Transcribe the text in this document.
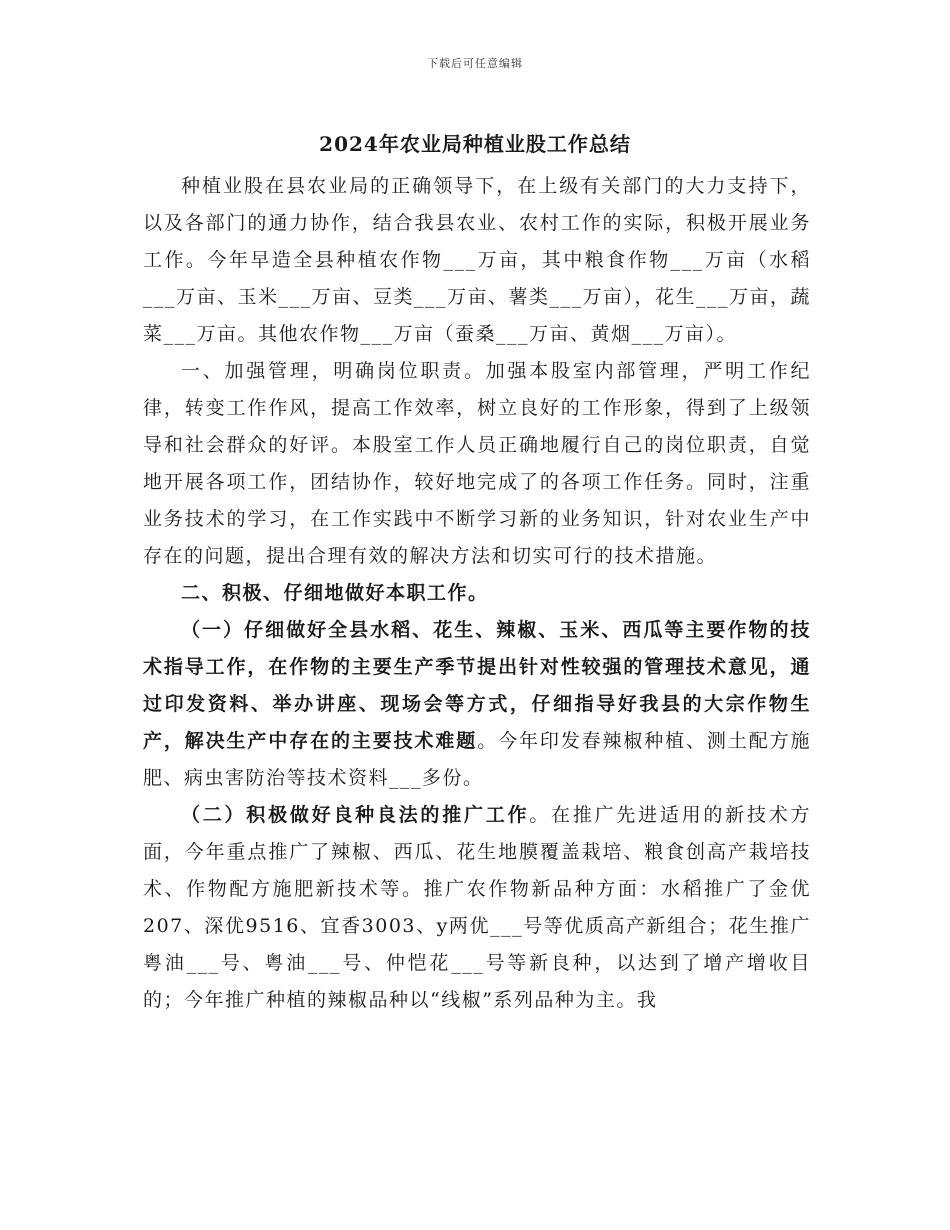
下载后可任意编辑
2024年农业局种植业股工作总结

种植业股在县农业局的正确领导下，在上级有关部门的大力支持下，以及各部门的通力协作，结合我县农业、农村工作的实际，积极开展业务工作。今年早造全县种植农作物___万亩，其中粮食作物___万亩（水稻___万亩、玉米___万亩、豆类___万亩、薯类___万亩），花生___万亩，蔬菜___万亩。其他农作物___万亩（蚕桑___万亩、黄烟___万亩）。

一、加强管理，明确岗位职责。加强本股室内部管理，严明工作纪律，转变工作作风，提高工作效率，树立良好的工作形象，得到了上级领导和社会群众的好评。本股室工作人员正确地履行自己的岗位职责，自觉地开展各项工作，团结协作，较好地完成了的各项工作任务。同时，注重业务技术的学习，在工作实践中不断学习新的业务知识，针对农业生产中存在的问题，提出合理有效的解决方法和切实可行的技术措施。

二、积极、仔细地做好本职工作。

（一）仔细做好全县水稻、花生、辣椒、玉米、西瓜等主要作物的技术指导工作，在作物的主要生产季节提出针对性较强的管理技术意见，通过印发资料、举办讲座、现场会等方式，仔细指导好我县的大宗作物生产，解决生产中存在的主要技术难题。今年印发春辣椒种植、测土配方施肥、病虫害防治等技术资料___多份。

（二）积极做好良种良法的推广工作。在推广先进适用的新技术方面，今年重点推广了辣椒、西瓜、花生地膜覆盖栽培、粮食创高产栽培技术、作物配方施肥新技术等。推广农作物新品种方面：水稻推广了金优207、深优9516、宜香3003、y两优___号等优质高产新组合；花生推广粤油___号、粤油___号、仲恺花___号等新良种，以达到了增产增收目的；今年推广种植的辣椒品种以“线椒”系列品种为主。我
